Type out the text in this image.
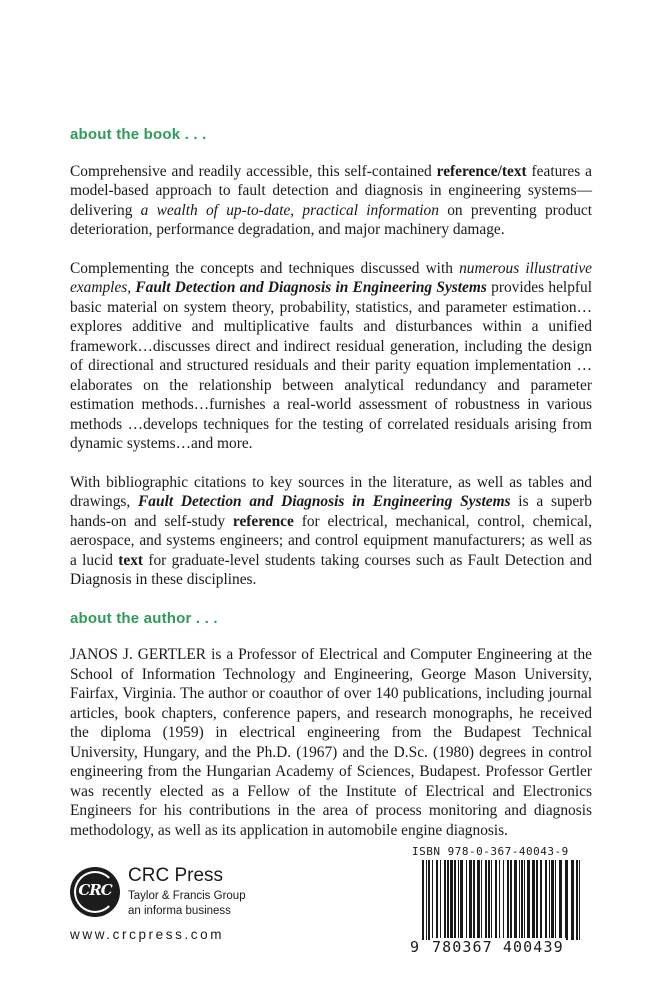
about the book . . .

Comprehensive and readily accessible, this self-contained reference/text features a model-based approach to fault detection and diagnosis in engineering systems—delivering a wealth of up-to-date, practical information on preventing product deterioration, performance degradation, and major machinery damage.

Complementing the concepts and techniques discussed with numerous illustrative examples, Fault Detection and Diagnosis in Engineering Systems provides helpful basic material on system theory, probability, statistics, and parameter estimation…explores additive and multiplicative faults and disturbances within a unified framework…discusses direct and indirect residual generation, including the design of directional and structured residuals and their parity equation implementation …elaborates on the relationship between analytical redundancy and parameter estimation methods…furnishes a real-world assessment of robustness in various methods …develops techniques for the testing of correlated residuals arising from dynamic systems…and more.

With bibliographic citations to key sources in the literature, as well as tables and drawings, Fault Detection and Diagnosis in Engineering Systems is a superb hands-on and self-study reference for electrical, mechanical, control, chemical, aerospace, and systems engineers; and control equipment manufacturers; as well as a lucid text for graduate-level students taking courses such as Fault Detection and Diagnosis in these disciplines.

about the author . . .

JANOS J. GERTLER is a Professor of Electrical and Computer Engineering at the School of Information Technology and Engineering, George Mason University, Fairfax, Virginia. The author or coauthor of over 140 publications, including journal articles, book chapters, conference papers, and research monographs, he received the diploma (1959) in electrical engineering from the Budapest Technical University, Hungary, and the Ph.D. (1967) and the D.Sc. (1980) degrees in control engineering from the Hungarian Academy of Sciences, Budapest. Professor Gertler was recently elected as a Fellow of the Institute of Electrical and Electronics Engineers for his contributions in the area of process monitoring and diagnosis methodology, as well as its application in automobile engine diagnosis.

CRC
CRC Press
Taylor & Francis Group
an informa business
www.crcpress.com
ISBN 978-0-367-40043-9
9 780367 400439
